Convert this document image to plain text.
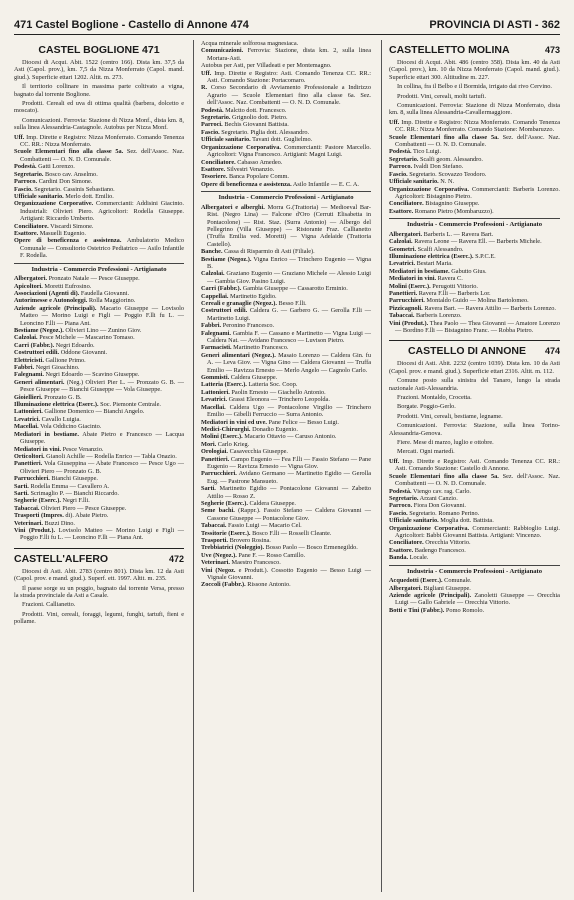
471 Castel Boglione - Castello di Annone 474	PROVINCIA DI ASTI - 362
CASTEL BOGLIONE 471
Diocesi di Acqui. Abit. 1522 (centro 166). Dista km. 37,5 da Asti (Capol. prov.), km. 7,5 da Nizza Monferrato (Capol. mand. giud.). Superficie ettari 1202. Altit. m. 273.
Il territorio collinare in massima parte coltivato a vigna, bagnato dal torrente Boglione.
Prodotti. Cereali ed uva di ottima qualità (barbera, dolcetto e moscato).
Comunicazioni. Ferrovia: Stazione di Nizza Monf., dista km. 8, sulla linea Alessandria-Castagnole. Autobus per Nizza Monf.
Uff. Imp. Dirette e Registro: Nizza Monferrato. Comando Tenenza CC. RR.: Nizza Monferrato.
Scuole Elementari fino alla classe 5a. Sez. dell'Assoc. Naz. Combattenti — O. N. D. Comunale.
Podestà. Gatti Lorenzo.
Segretario. Bosco cav. Anselmo.
Parroco. Cardini Don Simone.
Fascio. Segretario. Cassinis Sebastiano.
Ufficiale sanitario. Merlo dott. Emilio.
Organizzazione Corporative. Commercianti: Addisini Giacinto. Industriali: Olivieri Piero. Agricoltori: Rodella Giuseppe. Artigiani: Riccardo Umberto.
Conciliatore. Viscardi Simone.
Esattore. Masuelli Eugenio.
Opere di beneficenza e assistenza. Ambulatorio Medico Comunale — Consultorio Ostetrico Pediatrico — Asilo Infantile F. Rodella.
Industria - Commercio Professioni - Artigianato
Albergatori. Pronzato Natale — Pesce Giuseppe.
Apicoltori. Moretti Eufrosino.
Associazioni (Agenti di). Faudella Giovanni.
Autorimesse e Autonoleggi. Rolla Maggiorino.
Aziende agricole (Principali). Macario Giuseppe — Lovisolo Matteo — Morino Luigi e Figli — Poggio F.lli fu L. — Leoncino F.lli — Piana Ant.
Bestiame (Negoz.). Olivieri Lino — Zunino Giov.
Calzolai. Pesce Michele — Mascarino Tomaso.
Carri (Fabbr.). Negri Edoardo.
Costruttori edili. Oddone Giovanni.
Elettricisti. Gallione Primo.
Fabbri. Negri Gioachino.
Falegnami. Negri Edoardo — Scavino Giuseppe.
Generi alimentari. (Neg.) Olivieri Pier L. — Pronzato G. B. — Pesce Giuseppe — Bianchi Giuseppe — Vola Giuseppe.
Gioiellieri. Pronzato G. B.
Illuminazione elettrica (Eserc.). Soc. Piemonte Centrale.
Lattonieri. Gallione Domenico — Bianchi Angelo.
Levatrici. Cavallo Luigia.
Macellai. Vola Oddicino Giacinto.
Mediatori in bestiame. Abate Pietro e Francesco — Lacqua Giuseppe.
Mediatori in vini. Pesce Venanzio.
Orticoltori. Gianoli Achille — Rodella Enrico — Tabla Onazio.
Panettieri. Vola Giuseppina — Abate Francesco — Pesce Ugo — Olivieri Piero — Pronzato G. B.
Parrucchieri. Bianchi Giuseppe.
Sarti. Rodella Emma — Cavallero A.
Sarti. Scrimaglio P. — Bianchi Riccardo.
Segherie (Eserc.). Negri F.lli.
Tabaccai. Olivieri Piero — Pesce Giuseppe.
Trasporti (Impres. di). Abate Pietro.
Veterinari. Buzzi Dino.
Vini (Produt.). Lovisolo Matteo — Morino Luigi e Figli — Poggio F.lli fu L. — Leoncino F.lli — Piana Ant.
CASTELL'ALFERO	472
Diocesi di Asti. Abit. 2783 (centro 801). Dista km. 12 da Asti (Capol. prov. e mand. giud.). Superf. ett. 1997. Altit. m. 235.
Il paese sorge su un poggio, bagnato dal torrente Versa, presso la strada provinciale da Asti a Casale.
Frazioni. Callianetto.
Prodotti. Vini, cereali, foraggi, legumi, funghi, tartufi, fieni e pollame.
Acqua minerale solforosa magnesiaca.
Comunicazioni. Ferrovia: Stazione, dista km. 2, sulla linea Mortara-Asti.
Autobus per Asti, per Villadeati e per Montemagno.
Uff. Imp. Dirette e Registro: Asti. Comando Tenenza CC. RR.: Asti. Comando Stazione: Portacomaro.
R. Corso Secondario di Avviamento Professionale a Indirizzo Agrario — Scuole Elementari fino alla classe 6a. Sez. dell'Assoc. Naz. Combattenti — O. N. D. Comunale.
Podestà. Malctto dott. Francesco.
Segretario. Grignolio dott. Pietro.
Parroci. Bechis Giovanni Battista.
Fascio. Segretario. Piglia dott. Alessandro.
Ufficiale sanitario. Tavani dott. Guglielmo.
Organizzazione Corporativa. Commercianti: Pastore Marcello. Agricoltori: Vigna Francesco. Artigiani: Magni Luigi.
Conciliatore. Cabasso Amedeo.
Esattore. Silvestri Venanzio.
Tesoriere. Banca Popolare Comm.
Opere di beneficenza e assistenza. Asilo Infantile — E. C. A.
Industria - Commercio Professioni - Artigianato
Albergatori e alberghi. Morra G.(Trattoria) — Medioeval Bar-Rist. (Negro Lina) — Falcone d'Oro (Cerruti Elisabetta in Pontacolone) — Rist. Staz. (Surra Antonio) — Albergo del Pellegrino (Villa Giuseppe) — Ristorante Fraz. Callianetto (Truffa Emilia ved. Moretti) — Vigna Adelaide (Trattoria Castello).
Banche. Cassa di Risparmio di Asti (Filiale).
Bestiame (Negoz.). Vigna Enrico — Trinchero Eugenio — Vigna B.
Calzolai. Graziano Eugenio — Graziano Michele — Alessio Luigi — Gambia Giov. Pasino Luigi.
Carri (Fabbr.). Gambia Giuseppe — Cassarotto Erminio.
Cappellai. Martinetto Egidio.
Cereali e granaglie (Negoz.). Besso F.lli.
Costruttori edili. Caldera G. — Garbero G. — Gerolla F.lli — Martinetto Luigi.
Fabbri. Peronino Francesco.
Falegnami. Gambia F. — Cassano e Martinetto — Vigna Luigi — Caldera Nat. — Avidano Francesco — Luvison Pietro.
Farmacisti. Martinetto Francesco.
Generi alimentari (Negoz.). Masaio Lorenzo — Caldera Gin. fu A. — Leva Giov. — Vigna Gino — Caldera Giovanni — Truffa Emilio — Ravizza Ernesto — Merlo Angelo — Cagnolo Carlo.
Gommisti. Caldera Giuseppe.
Latteria (Eserc.). Latteria Soc. Coop.
Lattonieri. Paolin Ernesto — Giachello Antonio.
Levatrici. Grassi Eleonora — Trinchero Leopolda.
Macellai. Caldera Ugo — Pontacolone Virgilio — Trinchero Emilio — Gibelli Ferruccio — Surra Antonio.
Mediatori in vini ed uve. Pane Felice — Besso Luigi.
Medici-Chirurghi. Donadio Eugenio.
Molini (Eserc.). Macario Ottavio — Caruso Antonio.
Mori. Carlo Krieg.
Orologiai. Casavecchia Giuseppe.
Panettieri. Campo Eugenio — Fea F.lli — Fassio Stefano — Pane Eugenio — Ravizza Ernesto — Vigna Giov.
Parrucchieri. Avidano Germano — Martinetto Egidio — Gerolla Eug. — Pastrone Mansueto.
Sarti. Martinetto Egidio — Pontacolone Giovanni — Zabetto Attilio — Rosso Z.
Segherie (Eserc.). Caldera Giuseppe.
Seme bachi. (Rappr.). Fassio Stefano — Caldera Giovanni — Cassone Giuseppe — Pontacolone Giov.
Tabaccai. Fassio Luigi — Macario Cel.
Tessitorie (Eserc.). Bosco F.lli — Rosselli Cleante.
Trasporti. Brovero Rosina.
Trebbiatrici (Noleggio). Bosso Paolo — Bosco Ermenegildo.
Uve (Negoz.). Pane F. — Rosso Camillo.
Veterinari. Maestro Francesco.
Vini (Negoz. e Produtt.). Cossotto Eugenio — Besso Luigi — Vignale Giovanni.
Zoccoli (Fabbr.). Rissone Antonio.
CASTELLETTO MOLINA	473
Diocesi di Acqui. Abit. 486 (centro 358). Dista km. 40 da Asti (Capol. prov.), km. 10 da Nizza Monferrato (Capol. mand. giud.). Superficie ettari 300. Altitudine m. 227.
In collina, fra il Belbo e il Bormida, irrigato dai rivo Cervino.
Prodotti. Vini, cereali, molti tartufi.
Comunicazioni. Ferrovia: Stazione di Nizza Monferrato, dista km. 8, sulla linea Alessandria-Cavallermaggiore.
Uff. Imp. Dirette e Registro: Nizza Monferrato. Comando Tenenza CC. RR.: Nizza Monferrato. Comando Stazione: Mombaruzzo.
Scuole Elementari fino alla classe 5a. Sez. dell'Assoc. Naz. Combattenti — O. N. D. Comunale.
Podestà. Tico Luigi.
Segretario. Scalfi geom. Alessandro.
Parroco. Ivaldi Don Stefano.
Fascio. Segretario. Scovazzo Teodoro.
Ufficiale sanitario. N. N.
Organizzazione Corporativa. Commercianti: Barberis Lorenzo. Agricoltori: Bistagnino Pietro.
Conciliatore. Bistagnino Giuseppe.
Esattore. Romano Pietro (Mombaruzzo).
Industria - Commercio Professioni - Artigianato
Albergatori. Barberis L. — Ravera Bart.
Calzolai. Ravera Leone — Ravera Ell. — Barberis Michele.
Geometri. Scalfi Alessandro.
Illuminazione elettrica (Eserc.). S.P.C.E.
Levatrici. Bestari Maria.
Mediatori in bestiame. Gabutto Gius.
Mediatori in vini. Ravera C.
Molini (Eserc.). Perugotti Vittorio.
Panettieri. Ravera F.lli — Barberis Lor.
Parrucchieri. Montaldo Guido — Molina Bartolomeo.
Pizzicagnoli. Ravera Bart. — Ravera Attilio — Barberis Lorenzo.
Tabaccai. Barberis Lorenzo.
Vini (Produt.). Thea Paolo — Thea Giovanni — Amatore Lorenzo — Bordino F.lli — Bistagnino Franc. — Robba Pietro.
CASTELLO DI ANNONE 474
Diocesi di Asti. Abit. 2232 (centro 1039). Dista km. 10 da Asti (Capol. prov. e mand. giud.). Superficie ettari 2316. Altit. m. 112.
Comune posto sulla sinistra del Tanaro, lungo la strada nazionale Asti-Alessandria.
Frazioni. Montaldo, Crocetta.
Borgate. Poggio-Gerlo.
Prodotti. Vini, cereali, bestiame, legname.
Comunicazioni. Ferrovia: Stazione, sulla linea Torino-Alessandria-Genova.
Fiere. Mese di marzo, luglio e ottobre.
Mercati. Ogni martedì.
Uff. Imp. Dirette e Registro: Asti. Comando Tenenza CC. RR.: Asti. Comando Stazione: Castello di Annone.
Scuole Elementari fino alla classe 5a. Sez. dell'Assoc. Naz. Combattenti — O. N. D. Comunale.
Podestà. Viengo cav. rag. Carlo.
Segretario. Arzani Canzio.
Parroco. Fiora Don Giovanni.
Fascio. Segretario. Romano Perino.
Ufficiale sanitario. Moglia dott. Battista.
Organizzazione Corporativa. Commercianti: Rabbioglio Luigi. Agricoltori: Babbi Giovanni Battista. Artigiani: Vincenzo.
Conciliatore. Orecchia Vittorio.
Esattore. Badengo Francesco.
Banda. Locale.
Industria - Commercio Professioni - Artigianato
Acquedotti (Eserc.). Comunale.
Albergatori. Bigliani Giuseppe.
Aziende agricole (Principali). Zanoletti Giuseppe — Orecchia Luigi — Gallo Gabriele — Orecchia Vittorio.
Botti e Tini (Fabbr.). Pomo Romolo.
